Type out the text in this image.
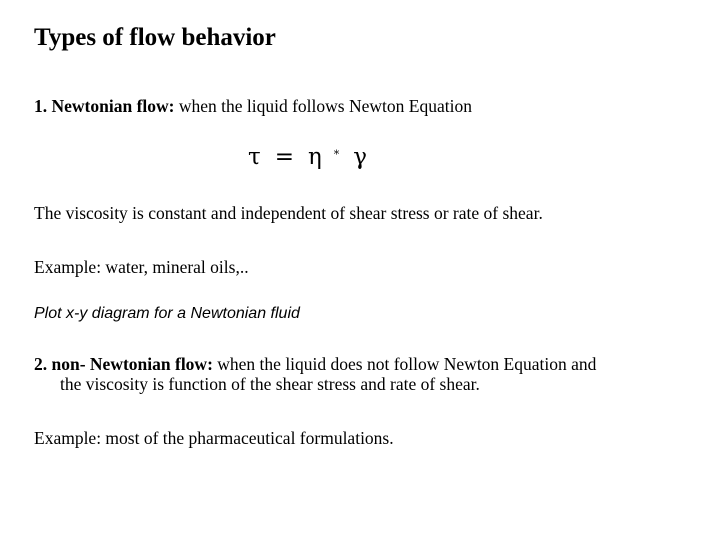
Types of flow behavior

1. Newtonian flow: when the liquid follows Newton Equation

τ = η * γ

The viscosity is constant and independent of shear stress or rate of shear.

Example: water, mineral oils,..

Plot x-y diagram for a Newtonian fluid

2. non- Newtonian flow: when the liquid does not follow Newton Equation and
the viscosity is function of the shear stress and rate of shear.

Example: most of the pharmaceutical formulations.
